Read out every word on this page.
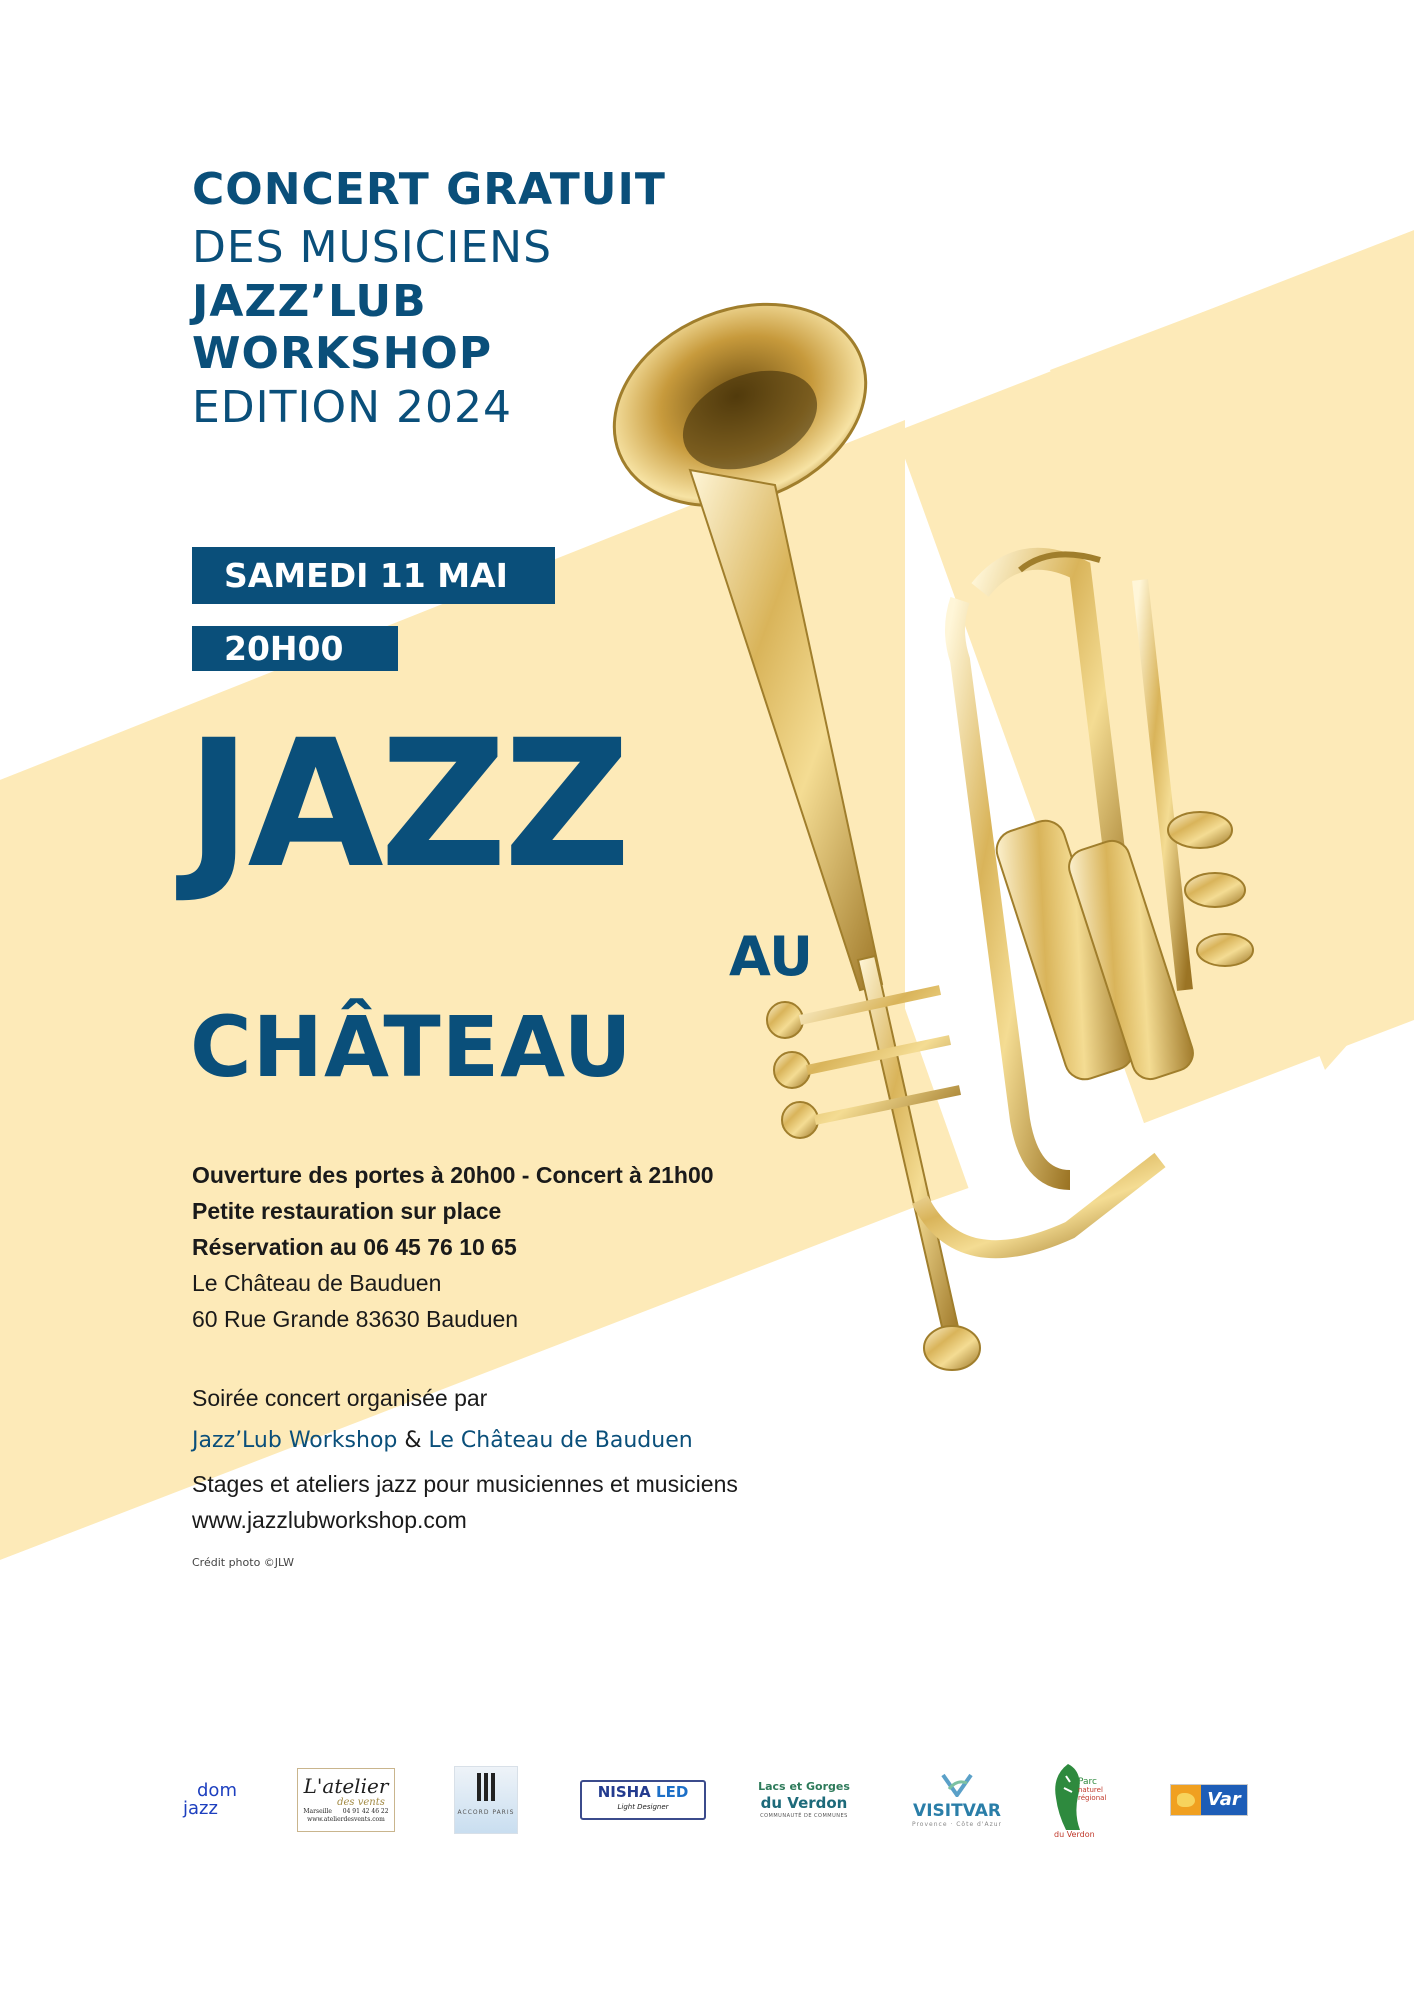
CONCERT GRATUIT
DES MUSICIENS
JAZZ’LUB
WORKSHOP
EDITION 2024
SAMEDI 11 MAI
20H00
JAZZ
AU
CHÂTEAU
Ouverture des portes à 20h00 - Concert à 21h00
Petite restauration sur place
Réservation au 06 45 76 10 65
Le Château de Bauduen
60 Rue Grande 83630 Bauduen
Soirée concert organisée par
Jazz’Lub Workshop & Le Château de Bauduen
Stages et ateliers jazz pour musiciennes et musiciens
www.jazzlubworkshop.com
Crédit photo ©JLW
dom
jazz
L'atelier
des vents
Marseille 04 91 42 46 22
www.atelierdesvents.com
ACCORD PARIS
NISHA LED
Light Designer
Lacs et Gorges
du Verdon
COMMUNAUTÉ DE COMMUNES	VISITVAR
Provence · Côte d'Azur
Parc
naturel
régional
du Verdon
Var
